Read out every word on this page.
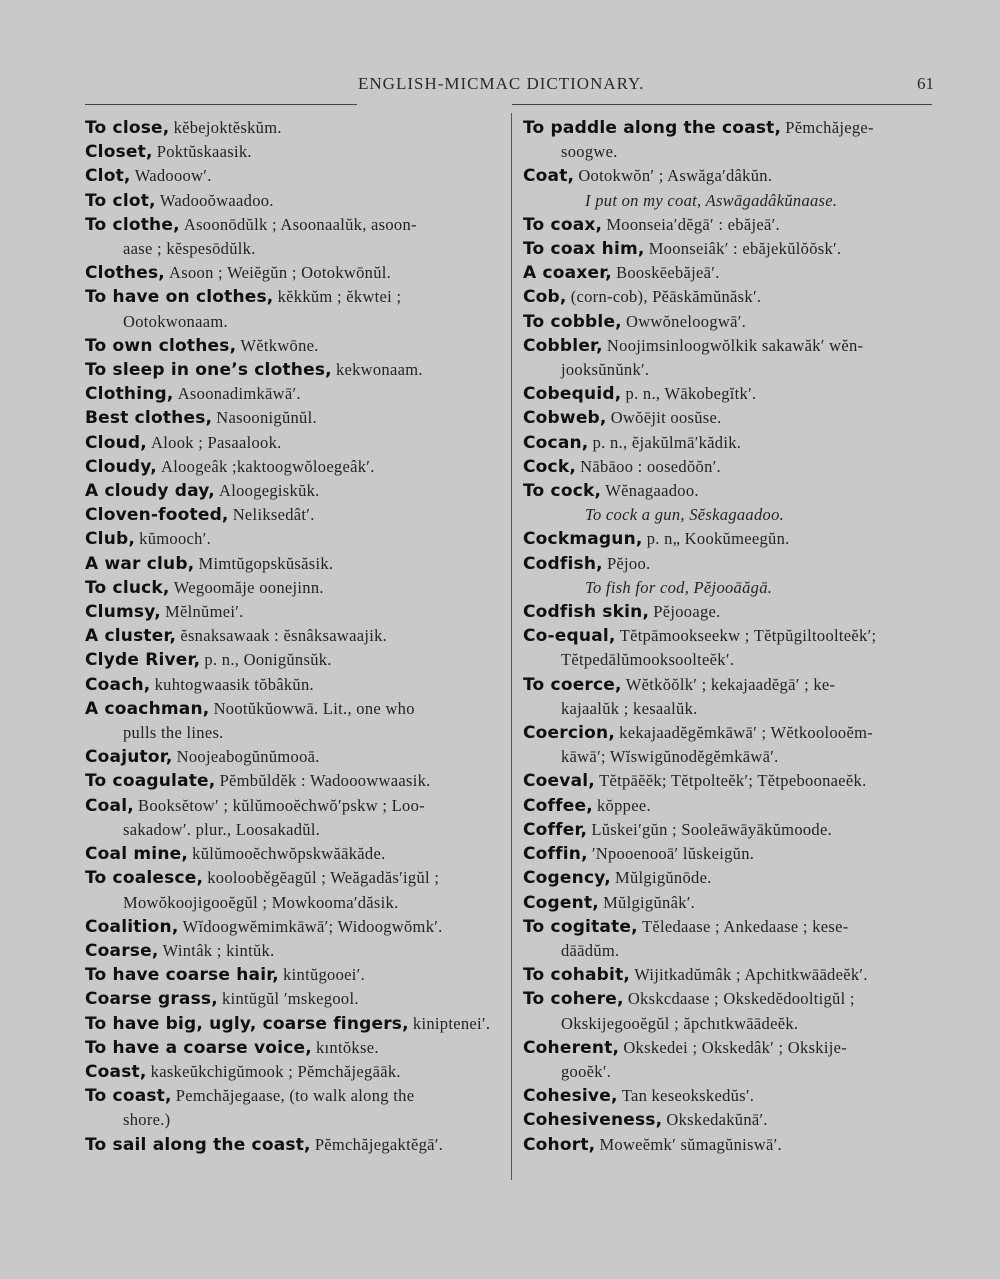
ENGLISH-MICMAC DICTIONARY.	61
To close, kĕbejoktĕskŭm.
Closet, Poktŭskaasik.
Clot, Wadooow′.
To clot, Wadooŏwaadoo.
To clothe, Asoonōdŭlk ; Asoonaalŭk, asoon-
aase ; kĕspesōdŭlk.
Clothes, Asoon ; Weiĕgŭn ; Ootokwōnŭl.
To have on clothes, kĕkkŭm ; ĕkwtei ;
Ootokwonaam.
To own clothes, Wĕtkwōne.
To sleep in one’s clothes, kekwonaam.
Clothing, Asoonadimkāwā′.
Best clothes, Nasoonigŭnŭl.
Cloud, Alook ; Pasaalook.
Cloudy, Aloogeâk ;kaktoogwŏloegeâk′.
A cloudy day, Aloogegiskŭk.
Cloven-footed, Neliksedât′.
Club, kŭmooch′.
A war club, Mimtŭgopskŭsăsik.
To cluck, Wegoomăje oonejinn.
Clumsy, Mĕlnŭmei′.
A cluster, ĕsnaksawaak : ĕsnâksawaajik.
Clyde River, p. n., Oonigŭnsŭk.
Coach, kuhtogwaasik tŏbâkŭn.
A coachman, Nootŭkŭowwā. Lit., one who
pulls the lines.
Coajutor, Noojeabogŭnŭmooā.
To coagulate, Pĕmbŭldĕk : Wadooowwaasik.
Coal, Booksĕtow′ ; kŭlŭmooĕchwŏ′pskw ; Loo-
sakadow′. plur., Loosakadŭl.
Coal mine, kŭlŭmooĕchwŏpskwăākăde.
To coalesce, koolooběgĕagŭl ; Weăgadăs′igŭl ;
Mowŏkoojigooĕgŭl ; Mowkooma′dăsik.
Coalition, Wĭdoogwĕmimkāwā′; Widoogwŏmk′.
Coarse, Wintâk ; kintŭk.
To have coarse hair, kintŭgooei′.
Coarse grass, kintŭgŭl ′mskegool.
To have big, ugly, coarse fingers, kiniptenei′.
To have a coarse voice, kıntŏkse.
Coast, kaskeŭkchigŭmook ; Pĕmchăjegāāk.
To coast, Pemchăjegaase, (to walk along the
shore.)
To sail along the coast, Pĕmchăjegaktĕgā′.
To paddle along the coast, Pĕmchăjege-
soogwe.
Coat, Ootokwŏn′ ; Aswăga′dâkŭn.
I put on my coat, Aswāgadâkŭnaase.
To coax, Moonseia′dĕgā′ : ebăjeā′.
To coax him, Moonseiâk′ : ebăjekŭlŏŏsk′.
A coaxer, Booskēebăjeā′.
Cob, (corn-cob), Pĕāskămŭnăsk′.
To cobble, Owwŏneloogwā′.
Cobbler, Noojimsinloogwŏlkik sakawăk′ wĕn-
jooksŭnŭnk′.
Cobequid, p. n., Wākobegĭtk′.
Cobweb, Owŏējit oosŭse.
Cocan, p. n., ĕjakŭlmā′kădik.
Cock, Nābāoo : oosedŏŏn′.
To cock, Wĕnagaadoo.
To cock a gun, Sĕskagaadoo.
Cockmagun, p. n„ Kookŭmeegŭn.
Codfish, Pĕjoo.
To fish for cod, Pĕjooāăgā.
Codfish skin, Pĕjooage.
Co-equal, Tĕtpāmookseekw ; Tĕtpŭgiltoolteĕk′;
Tĕtpedālŭmooksoolteĕk′.
To coerce, Wĕtkŏŏlk′ ; kekajaadĕgā′ ; ke-
kajaalŭk ; kesaalŭk.
Coercion, kekajaadĕgĕmkāwā′ ; Wĕtkoolooĕm-
kāwā′; Wĭswigŭnodĕgĕmkāwā′.
Coeval, Tĕtpāĕĕk; Tĕtpolteĕk′; Tĕtpeboonaeĕk.
Coffee, kŏppee.
Coffer, Lŭskei′gŭn ; Sooleāwāyākŭmoode.
Coffin, ′Npooenooā′ lŭskeigŭn.
Cogency, Mŭlgigŭnōde.
Cogent, Mŭlgigŭnâk′.
To cogitate, Tĕledaase ; Ankedaase ; kese-
dāādŭm.
To cohabit, Wijitkadŭmâk ; Apchitkwāādeĕk′.
To cohere, Okskcdaase ; Okskedĕdooltigŭl ;
Okskijegooĕgŭl ; ăpchıtkwāādeĕk.
Coherent, Okskedei ; Okskedâk′ ; Okskije-
gooĕk′.
Cohesive, Tan keseokskedŭs′.
Cohesiveness, Okskedakŭnā′.
Cohort, Moweĕmk′ sŭmagŭniswā′.
